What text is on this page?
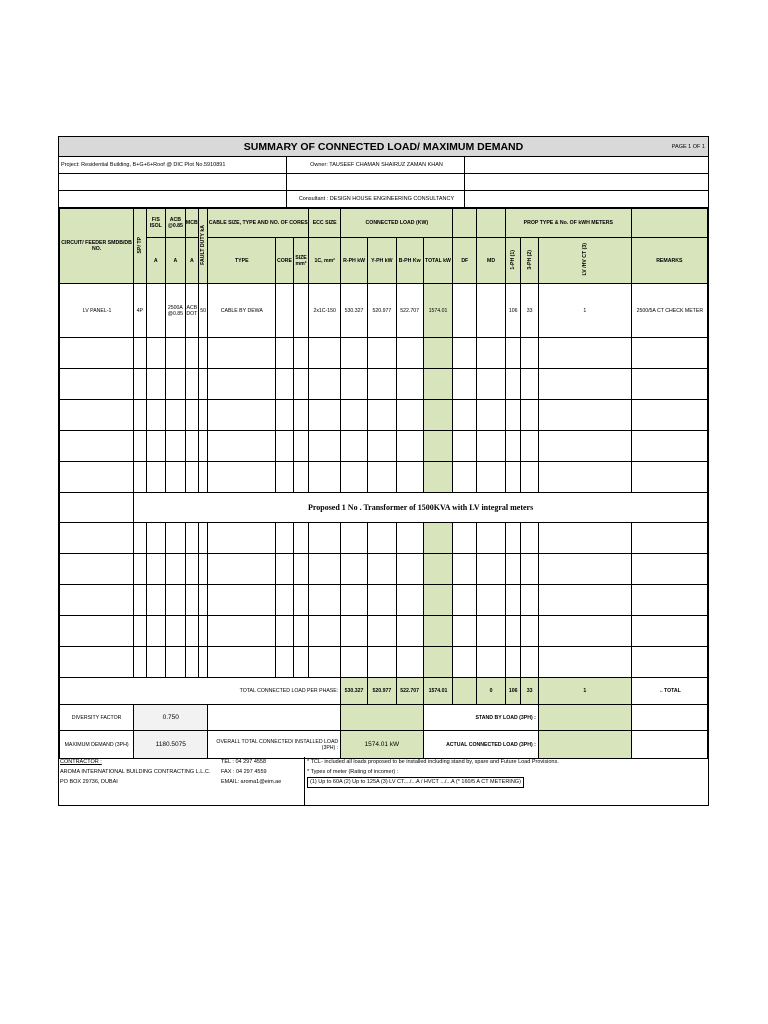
SUMMARY OF CONNECTED LOAD/ MAXIMUM DEMAND	PAGE 1 OF 1
Project: Residential Building, B+G+6+Roof @ DIC Plot No.5910891	Owner: TAUSEEF CHAMAN SHAIRUZ ZAMAN KHAN
Consultant : DESIGN HOUSE ENGINEERING CONSULTANCY
CIRCUIT/ FEEDER SMDB/DB NO.	SP/ TP	F/S ISOL	ACB @0.85	MCB	FAULT DUTY kA	CABLE SIZE, TYPE AND NO. OF CORES			ECC SIZE	CONNECTED LOAD (KW)						PROP TYPE & No. OF kWH METERS			
		A	A	A		TYPE	CORE	SIZE mm²	1C, mm²	R-PH kW	Y-PH kW	B-PH Kw	TOTAL kW	DF	MD	1-PH (1)	3-PH (2)	LV /HV CT (3)	REMARKS
LV PANEL-1	4P		2500A @0.85	ACB DOT	50	CABLE BY DEWA			2x1C-150	530.327	520.977	522.707	1574.01			106	33	1	2500/5A CT CHECK METER

	Proposed 1 No . Transformer of 1500KVA with LV integral meters																		

TOTAL CONNECTED LOAD PER PHASE:										530.327	520.977	522.707	1574.01		0	106	33	1	←TOTAL
DIVERSITY FACTOR	0.750												STAND BY LOAD (3PH) :						
MAXIMUM DEMAND (3PH)	1180.5075					OVERALL TOTAL CONNECTED/ INSTALLED LOAD (3PH) :				1574.01 kW			ACTUAL CONNECTED LOAD (3PH) :						
CONTRACTOR :
AROMA INTERNATIONAL BUILDING CONTRACTING L.L.C.
PO BOX 29736, DUBAI
TEL : 04 297 4558
FAX : 04 297 4559
EMAIL: aroma1@eim.ae
* TCL- included all loads proposed to be installed including stand by, spare and Future Load Provisions.
* Types of meter (Rating of incomer) :
(1) Up to 60A (2) Up to 125A (3) LV CT..../...A / HVCT .../...A (* 160/5 A CT METERING)
